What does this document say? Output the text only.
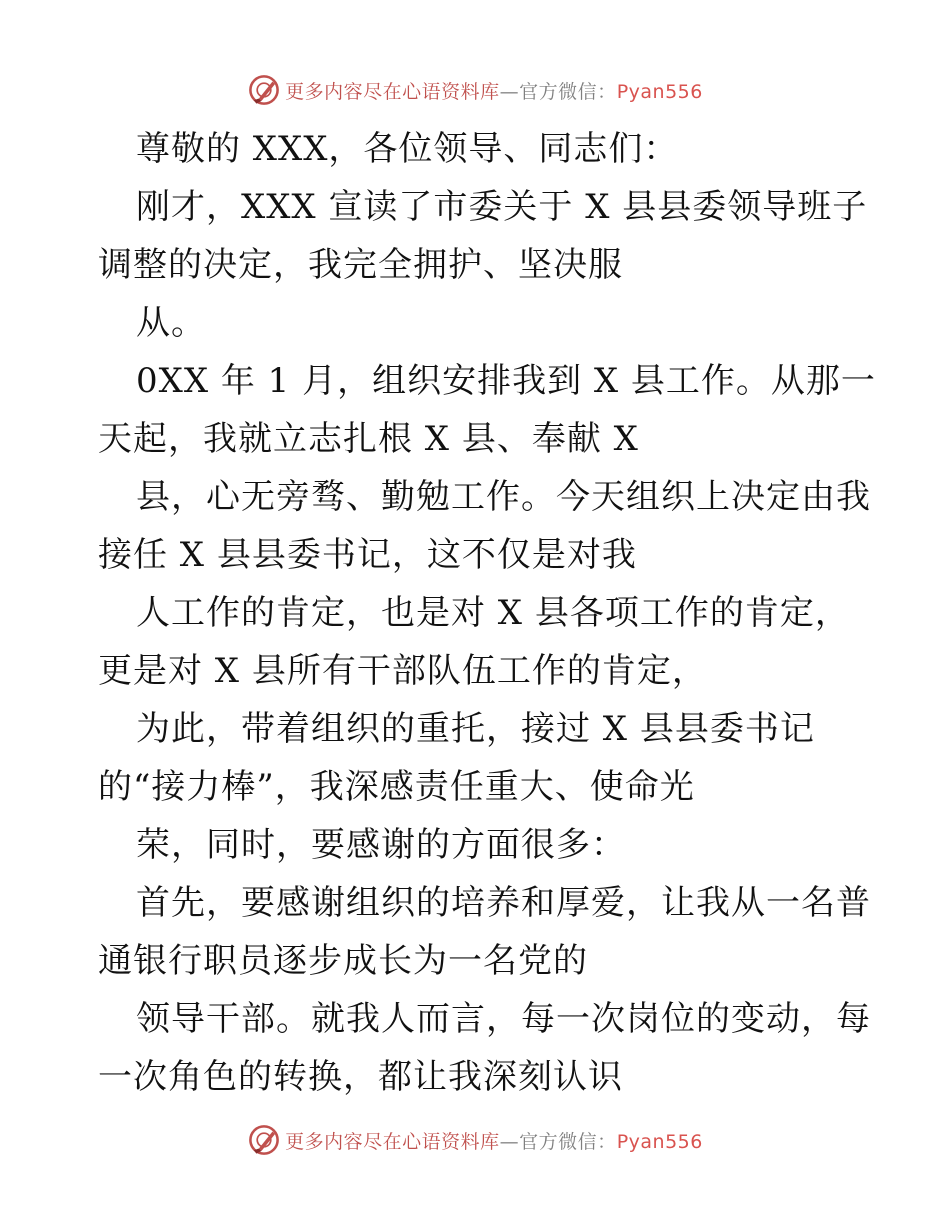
更多内容尽在心语资料库—官方微信：Pyan556
尊敬的 XXX，各位领导、同志们：
刚才，XXX 宣读了市委关于 X 县县委领导班子
调整的决定，我完全拥护、坚决服
从。
0XX 年 1 月，组织安排我到 X 县工作。从那一
天起，我就立志扎根 X 县、奉献 X
县，心无旁骛、勤勉工作。今天组织上决定由我
接任 X 县县委书记，这不仅是对我
人工作的肯定，也是对 X 县各项工作的肯定，
更是对 X 县所有干部队伍工作的肯定，
为此，带着组织的重托，接过 X 县县委书记
的“接力棒”，我深感责任重大、使命光
荣，同时，要感谢的方面很多：
首先，要感谢组织的培养和厚爱，让我从一名普
通银行职员逐步成长为一名党的
领导干部。就我人而言，每一次岗位的变动，每
一次角色的转换，都让我深刻认识
更多内容尽在心语资料库—官方微信：Pyan556
